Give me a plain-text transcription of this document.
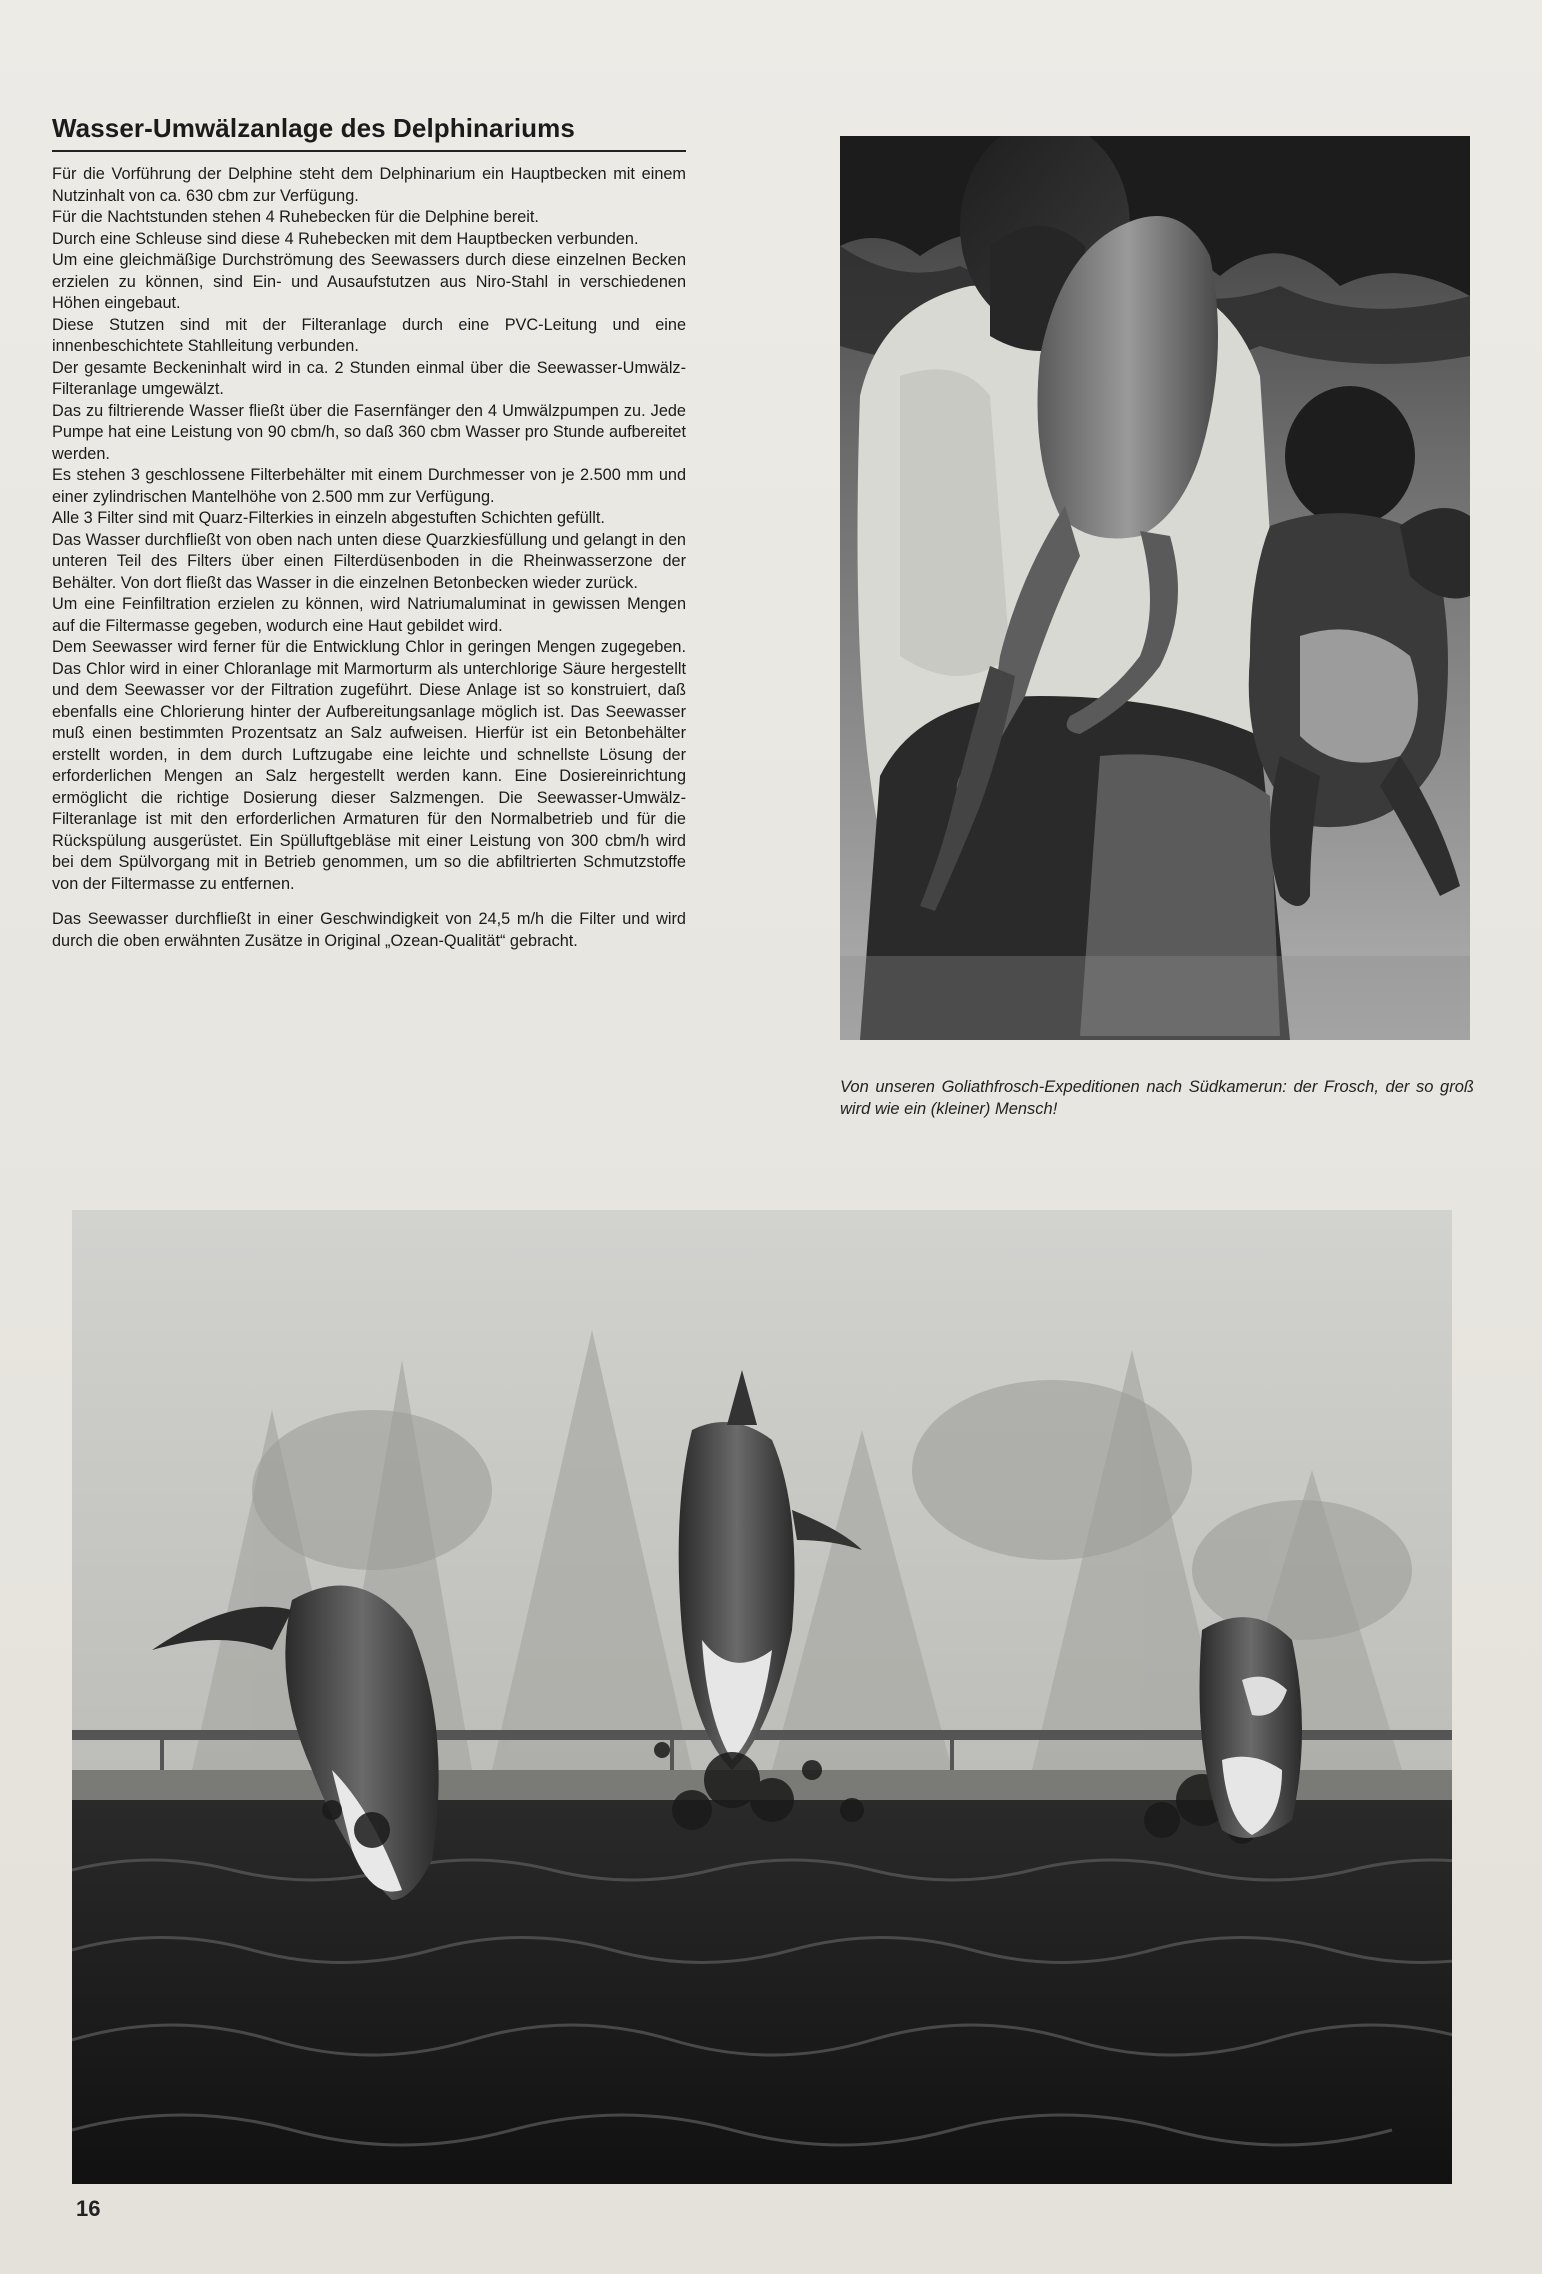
Wasser-Umwälzanlage des Delphinariums

Für die Vorführung der Delphine steht dem Delphinarium ein Hauptbecken mit einem Nutzinhalt von ca. 630 cbm zur Verfügung.

Für die Nachtstunden stehen 4 Ruhebecken für die Delphine bereit.

Durch eine Schleuse sind diese 4 Ruhebecken mit dem Hauptbecken verbunden.

Um eine gleichmäßige Durchströmung des Seewassers durch diese einzelnen Becken erzielen zu können, sind Ein- und Ausaufstutzen aus Niro-Stahl in verschiedenen Höhen eingebaut.

Diese Stutzen sind mit der Filteranlage durch eine PVC-Leitung und eine innenbeschichtete Stahlleitung verbunden.

Der gesamte Beckeninhalt wird in ca. 2 Stunden einmal über die Seewasser-Umwälz-Filteranlage umgewälzt.

Das zu filtrierende Wasser fließt über die Fasernfänger den 4 Umwälzpumpen zu. Jede Pumpe hat eine Leistung von 90 cbm/h, so daß 360 cbm Wasser pro Stunde aufbereitet werden.

Es stehen 3 geschlossene Filterbehälter mit einem Durchmesser von je 2.500 mm und einer zylindrischen Mantelhöhe von 2.500 mm zur Verfügung.

Alle 3 Filter sind mit Quarz-Filterkies in einzeln abgestuften Schichten gefüllt.

Das Wasser durchfließt von oben nach unten diese Quarzkiesfüllung und gelangt in den unteren Teil des Filters über einen Filterdüsenboden in die Rheinwasserzone der Behälter. Von dort fließt das Wasser in die einzelnen Betonbecken wieder zurück.

Um eine Feinfiltration erzielen zu können, wird Natriumaluminat in gewissen Mengen auf die Filtermasse gegeben, wodurch eine Haut gebildet wird.

Dem Seewasser wird ferner für die Entwicklung Chlor in geringen Mengen zugegeben. Das Chlor wird in einer Chloranlage mit Marmorturm als unterchlorige Säure hergestellt und dem Seewasser vor der Filtration zugeführt. Diese Anlage ist so konstruiert, daß ebenfalls eine Chlorierung hinter der Aufbereitungsanlage möglich ist. Das Seewasser muß einen bestimmten Prozentsatz an Salz aufweisen. Hierfür ist ein Betonbehälter erstellt worden, in dem durch Luftzugabe eine leichte und schnellste Lösung der erforderlichen Mengen an Salz hergestellt werden kann. Eine Dosiereinrichtung ermöglicht die richtige Dosierung dieser Salzmengen. Die Seewasser-Umwälz-Filteranlage ist mit den erforderlichen Armaturen für den Normalbetrieb und für die Rückspülung ausgerüstet. Ein Spülluftgebläse mit einer Leistung von 300 cbm/h wird bei dem Spülvorgang mit in Betrieb genommen, um so die abfiltrierten Schmutzstoffe von der Filtermasse zu entfernen.

Das Seewasser durchfließt in einer Geschwindigkeit von 24,5 m/h die Filter und wird durch die oben erwähnten Zusätze in Original „Ozean-Qualität“ gebracht.

Von unseren Goliathfrosch-Expeditionen nach Südkamerun: der Frosch, der so groß wird wie ein (kleiner) Mensch!
16
